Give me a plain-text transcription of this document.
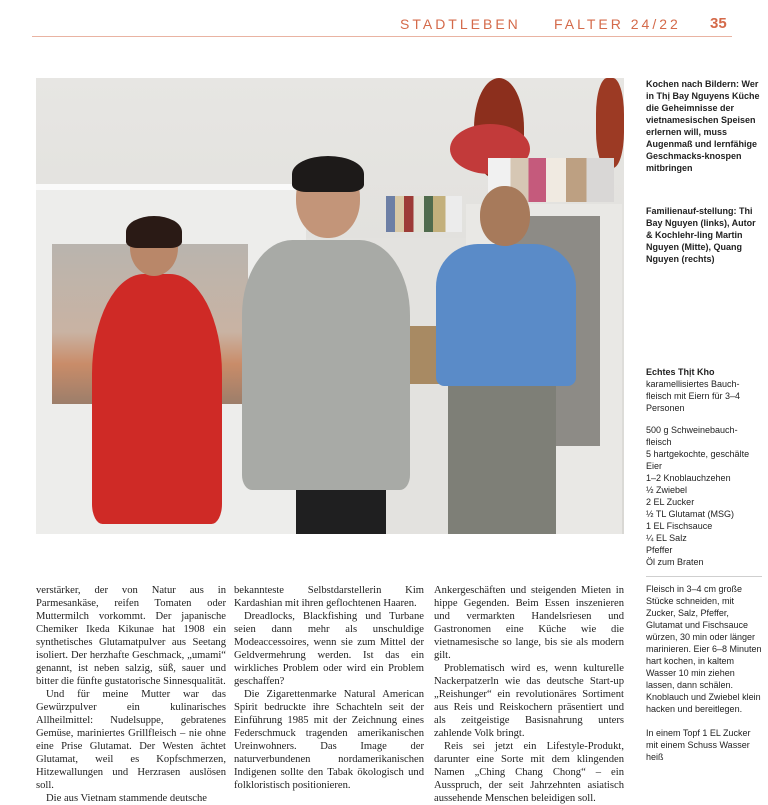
STADTLEBEN FALTER 24/22 35
Kochen nach Bildern: Wer in Thị Bay Nguyens Küche die Geheimnisse der vietnamesischen Speisen erlernen will, muss Augenmaß und lernfähige Geschmacks-knospen mitbringen
Familienauf-stellung: Thi Bay Nguyen (links), Autor & Kochlehr-ling Martin Nguyen (Mitte), Quang Nguyen (rechts)
Echtes Thịt Kho
karamellisiertes Bauch-fleisch mit Eiern für 3–4 Personen
500 g Schweinebauch-fleisch
5 hartgekochte, geschälte Eier
1–2 Knoblauchzehen
½ Zwiebel
2 EL Zucker
½ TL Glutamat (MSG)
1 EL Fischsauce
¼ EL Salz
Pfeffer
Öl zum Braten

Fleisch in 3–4 cm große Stücke schneiden, mit Zucker, Salz, Pfeffer, Glutamat und Fischsauce würzen, 30 min oder länger marinieren. Eier 6–8 Minuten hart kochen, in kaltem Wasser 10 min ziehen lassen, dann schälen. Knoblauch und Zwiebel klein hacken und bereitlegen.

In einem Topf 1 EL Zucker mit einem Schuss Wasser heiß

verstärker, der von Natur aus in Parmesankäse, reifen Tomaten oder Muttermilch vorkommt. Der japanische Chemiker Ikeda Kikunae hat 1908 ein synthetisches Glutamatpulver aus Seetang isoliert. Der herzhafte Geschmack, „umami“ genannt, ist neben salzig, süß, sauer und bitter die fünfte gustatorische Sinnesqualität.

Und für meine Mutter war das Gewürzpulver ein kulinarisches Allheilmittel: Nudelsuppe, gebratenes Gemüse, mariniertes Grillfleisch – nie ohne eine Prise Glutamat. Der Westen ächtet Glutamat, weil es Kopfschmerzen, Hitzewallungen und Herzrasen auslösen soll.

Die aus Vietnam stammende deutsche

bekannteste Selbstdarstellerin Kim Kardashian mit ihren geflochtenen Haaren.

Dreadlocks, Blackfishing und Turbane seien dann mehr als unschuldige Modeaccessoires, wenn sie zum Mittel der Geldvermehrung werden. Ist das ein wirkliches Problem oder wird ein Problem geschaffen?

Die Zigarettenmarke Natural American Spirit bedruckte ihre Schachteln seit der Einführung 1985 mit der Zeichnung eines Federschmuck tragenden amerikanischen Ureinwohners. Das Image der naturverbundenen nordamerikanischen Indigenen sollte den Tabak ökologisch und folkloristisch positionieren.

Ankergeschäften und steigenden Mieten in hippe Gegenden. Beim Essen inszenieren und vermarkten Handelsriesen und Gastronomen eine Küche wie die vietnamesische so lange, bis sie als modern gilt.

Problematisch wird es, wenn kulturelle Nackerpatzerln wie das deutsche Start-up „Reishunger“ ein revolutionäres Sortiment aus Reis und Reiskochern präsentiert und als zeitgeistige Basisnahrung unters zahlende Volk bringt.

Reis sei jetzt ein Lifestyle-Produkt, darunter eine Sorte mit dem klingenden Namen „Ching Chang Chong“ – ein Ausspruch, der seit Jahrzehnten asiatisch aussehende Menschen beleidigen soll.
